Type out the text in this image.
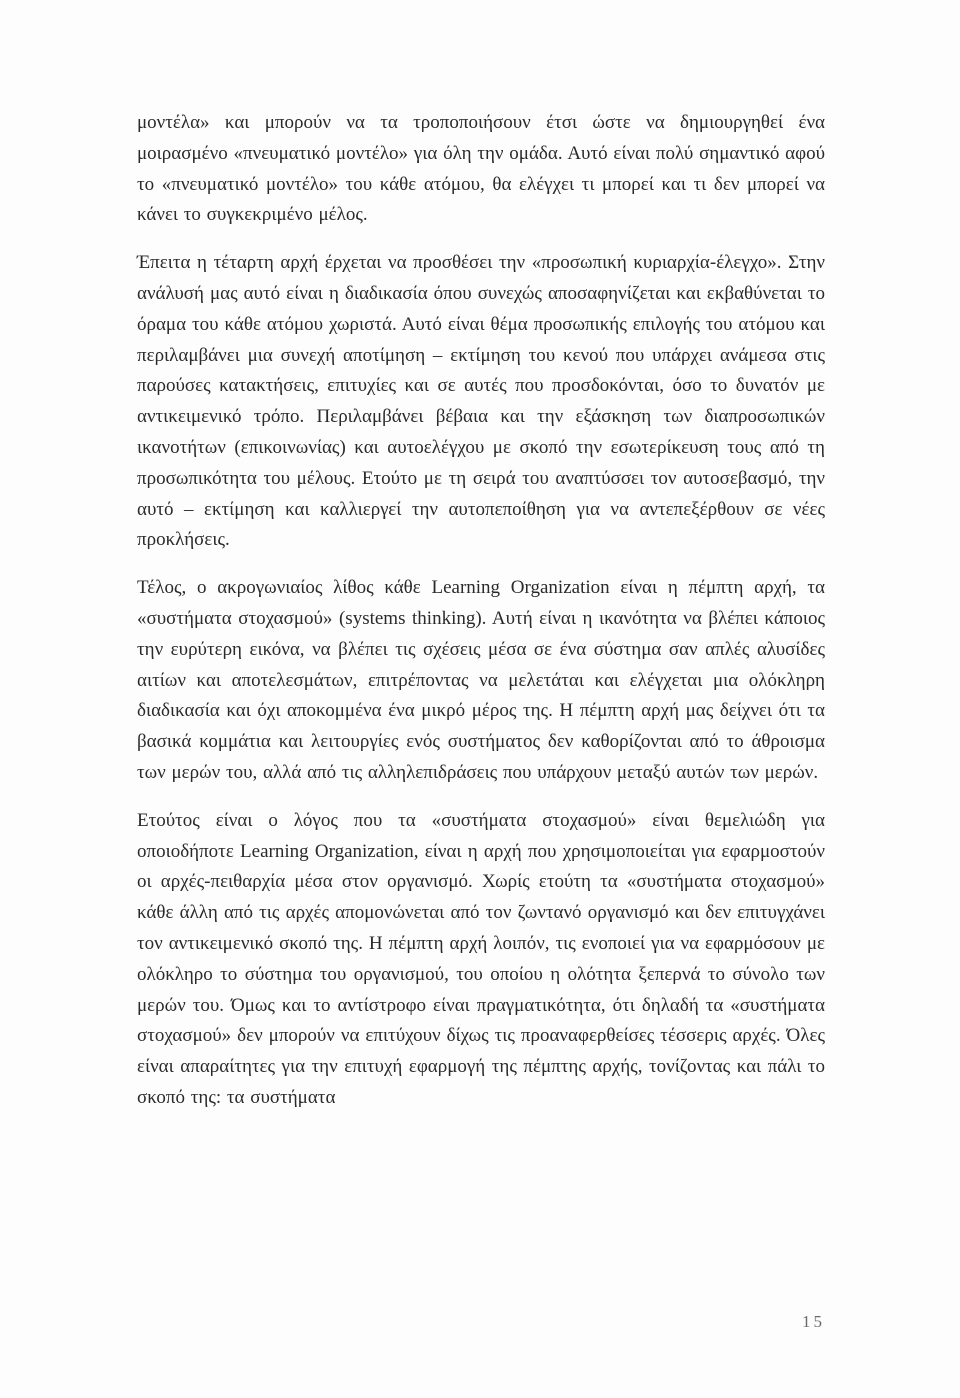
μοντέλα» και μπορούν να τα τροποποιήσουν έτσι ώστε να δημιουργηθεί ένα μοιρασμένο «πνευματικό μοντέλο» για όλη την ομάδα. Αυτό είναι πολύ σημαντικό αφού το «πνευματικό μοντέλο» του κάθε ατόμου, θα ελέγχει τι μπορεί και τι δεν μπορεί να κάνει το συγκεκριμένο μέλος.

Έπειτα η τέταρτη αρχή έρχεται να προσθέσει την «προσωπική κυριαρχία-έλεγχο». Στην ανάλυσή μας αυτό είναι η διαδικασία όπου συνεχώς αποσαφηνίζεται και εκβαθύνεται το όραμα του κάθε ατόμου χωριστά. Αυτό είναι θέμα προσωπικής επιλογής του ατόμου και περιλαμβάνει μια συνεχή αποτίμηση – εκτίμηση του κενού που υπάρχει ανάμεσα στις παρούσες κατακτήσεις, επιτυχίες και σε αυτές που προσδοκόνται, όσο το δυνατόν με αντικειμενικό τρόπο. Περιλαμβάνει βέβαια και την εξάσκηση των διαπροσωπικών ικανοτήτων (επικοινωνίας) και αυτοελέγχου με σκοπό την εσωτερίκευση τους από τη προσωπικότητα του μέλους. Ετούτο με τη σειρά του αναπτύσσει τον αυτοσεβασμό, την αυτό – εκτίμηση και καλλιεργεί την αυτοπεποίθηση για να αντεπεξέρθουν σε νέες προκλήσεις.

Τέλος, ο ακρογωνιαίος λίθος κάθε Learning Organization είναι η πέμπτη αρχή, τα «συστήματα στοχασμού» (systems thinking). Αυτή είναι η ικανότητα να βλέπει κάποιος την ευρύτερη εικόνα, να βλέπει τις σχέσεις μέσα σε ένα σύστημα σαν απλές αλυσίδες αιτίων και αποτελεσμάτων, επιτρέποντας να μελετάται και ελέγχεται μια ολόκληρη διαδικασία και όχι αποκομμένα ένα μικρό μέρος της. Η πέμπτη αρχή μας δείχνει ότι τα βασικά κομμάτια και λειτουργίες ενός συστήματος δεν καθορίζονται από το άθροισμα των μερών του, αλλά από τις αλληλεπιδράσεις που υπάρχουν μεταξύ αυτών των μερών.

Ετούτος είναι ο λόγος που τα «συστήματα στοχασμού» είναι θεμελιώδη για οποιοδήποτε Learning Organization, είναι η αρχή που χρησιμοποιείται για εφαρμοστούν οι αρχές-πειθαρχία μέσα στον οργανισμό. Χωρίς ετούτη τα «συστήματα στοχασμού» κάθε άλλη από τις αρχές απομονώνεται από τον ζωντανό οργανισμό και δεν επιτυγχάνει τον αντικειμενικό σκοπό της. Η πέμπτη αρχή λοιπόν, τις ενοποιεί για να εφαρμόσουν με ολόκληρο το σύστημα του οργανισμού, του οποίου η ολότητα ξεπερνά το σύνολο των μερών του. Όμως και το αντίστροφο είναι πραγματικότητα, ότι δηλαδή τα «συστήματα στοχασμού» δεν μπορούν να επιτύχουν δίχως τις προαναφερθείσες τέσσερις αρχές. Όλες είναι απαραίτητες για την επιτυχή εφαρμογή της πέμπτης αρχής, τονίζοντας και πάλι το σκοπό της: τα συστήματα

15
